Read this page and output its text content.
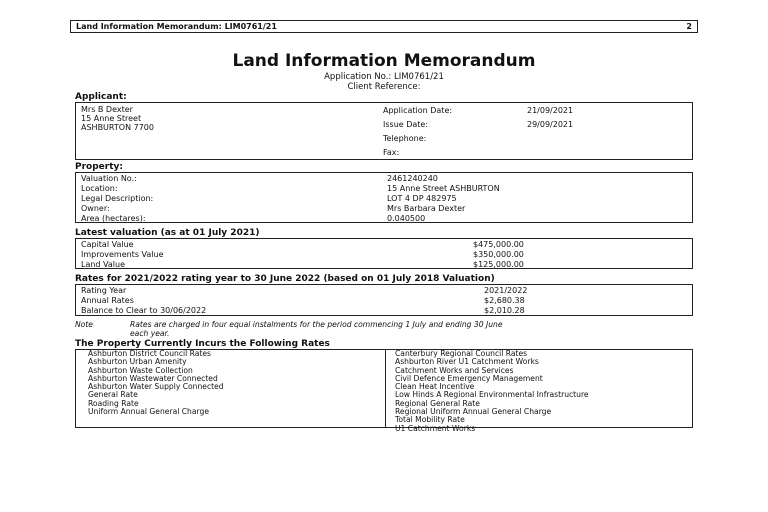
Land Information Memorandum: LIM0761/21	2
Land Information Memorandum
Application No.: LIM0761/21
Client Reference:
Applicant:
Mrs B Dexter
15 Anne Street
ASHBURTON 7700
Application Date:	21/09/2021
Issue Date:	29/09/2021
Telephone:
Fax:
Property:
Valuation No.:	2461240240
Location:	15 Anne Street ASHBURTON
Legal Description:	LOT 4 DP 482975
Owner:	Mrs Barbara Dexter
Area (hectares):	0.040500
Latest valuation (as at 01 July 2021)
Capital Value	$475,000.00
Improvements Value	$350,000.00
Land Value	$125,000.00
Rates for 2021/2022 rating year to 30 June 2022 (based on 01 July 2018 Valuation)
Rating Year	2021/2022
Annual Rates	$2,680.38
Balance to Clear to 30/06/2022	$2,010.28
Note	Rates are charged in four equal instalments for the period commencing 1 July and ending 30 June
each year.
The Property Currently Incurs the Following Rates
Ashburton District Council Rates
Ashburton Urban Amenity
Ashburton Waste Collection
Ashburton Wastewater Connected
Ashburton Water Supply Connected
General Rate
Roading Rate
Uniform Annual General Charge
Canterbury Regional Council Rates
Ashburton River U1 Catchment Works
Catchment Works and Services
Civil Defence Emergency Management
Clean Heat Incentive
Low Hinds A Regional Environmental Infrastructure
Regional General Rate
Regional Uniform Annual General Charge
Total Mobility Rate
U1 Catchment Works
